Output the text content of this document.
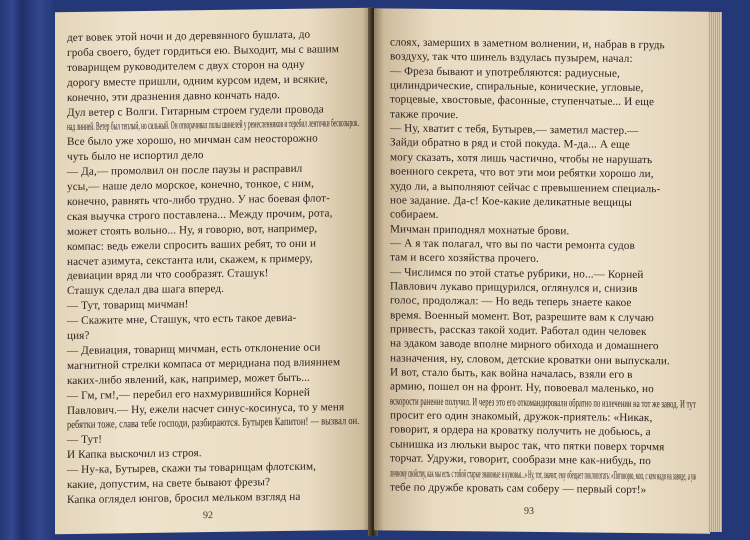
дет вовек этой ночи и до деревянного бушлата, до
гроба своего, будет гордиться ею. Выходит, мы с вашим
товарищем руководителем с двух сторон на одну
дорогу вместе пришли, одним курсом идем, и всякие,
конечно, эти дразнения давно кончать надо.
Дул ветер с Волги. Гитарным строем гудели провода
над линией. Ветер был теплый, но сильный. Он отворачивал полы шинелей у ремесленников и теребил ленточки бескозырок.
Все было уже хорошо, но мичман сам неосторожно
чуть было не испортил дело
— Да,— промолвил он после паузы и расправил
усы,— наше дело морское, конечно, тонкое, с ним,
конечно, равнять что-либо трудно. У нас боевая флот-
ская выучка строго поставлена... Между прочим, рота,
может стоять вольно... Ну, я говорю, вот, например,
компас: ведь ежели спросить ваших ребят, то они и
насчет азимута, секстанта или, скажем, к примеру,
девиации вряд ли что сообразят. Сташук!
Сташук сделал два шага вперед.
— Тут, товарищ мичман!
— Скажите мне, Сташук, что есть такое девиа-
ция?
— Девиация, товарищ мичман, есть отклонение оси
магнитной стрелки компаса от меридиана под влиянием
каких-либо явлений, как, например, может быть...
— Гм, гм!,— перебил его нахмурившийся Корней
Павлович.— Ну, ежели насчет синус-косинуса, то у меня
ребятки тоже, слава тебе господи, разбираются. Бутырев Капитон! — вызвал он.
— Тут!
И Капка выскочил из строя.
— Ну-ка, Бутырев, скажи ты товарищам флотским,
какие, допустим, на свете бывают фрезы?
Капка оглядел юнгов, бросил мельком взгляд на
92
слоях, замерших в заметном волнении, и, набрав в грудь
воздуху, так что шинель вздулась пузырем, начал:
— Фреза бывают и употребляются: радиусные,
цилиндрические, спиральные, конические, угловые,
торцевые, хвостовые, фасонные, ступенчатые... И еще
также прочие.
— Ну, хватит с тебя, Бутырев,— заметил мастер.—
Зайди обратно в ряд и стой покуда. М-да... А еще
могу сказать, хотя лишь частично, чтобы не нарушать
военного секрета, что вот эти мои ребятки хорошо ли,
худо ли, а выполняют сейчас с превышением специаль-
ное задание. Да-с! Кое-какие деликатные вещицы
собираем.
Мичман приподнял мохнатые брови.
— А я так полагал, что вы по части ремонта судов
там и всего хозяйства прочего.
— Числимся по этой статье рубрики, но...— Корней
Павлович лукаво прищурился, оглянулся и, снизив
голос, продолжал: — Но ведь теперь знаете какое
время. Военный момент. Вот, разрешите вам к случаю
привесть, рассказ такой ходит. Работал один человек
на эдаком заводе вполне мирного обихода и домашнего
назначения, ну, словом, детские кроватки они выпускали.
И вот, стало быть, как война началась, взяли его в
армию, пошел он на фронт. Ну, повоевал маленько, но
вскорости ранение получил. И через это его откомандировали обратно по излечении на тот же завод. И тут
просит его один знакомый, дружок-приятель: «Никак,
говорит, я ордера на кроватку получить не добьюсь, а
сынишка из люльки вырос так, что пятки поверх торчмя
торчат. Удружи, говорит, сообрази мне как-нибудь, по
личному свойству, как мы есть с тобой старые знакомые и кумовья...» Ну, тот, значит, ему обещает поклопотать: «Поговорю, мол, с кем надо на заводе, а уж
тебе по дружбе кровать сам соберу — первый сорт!»
93
